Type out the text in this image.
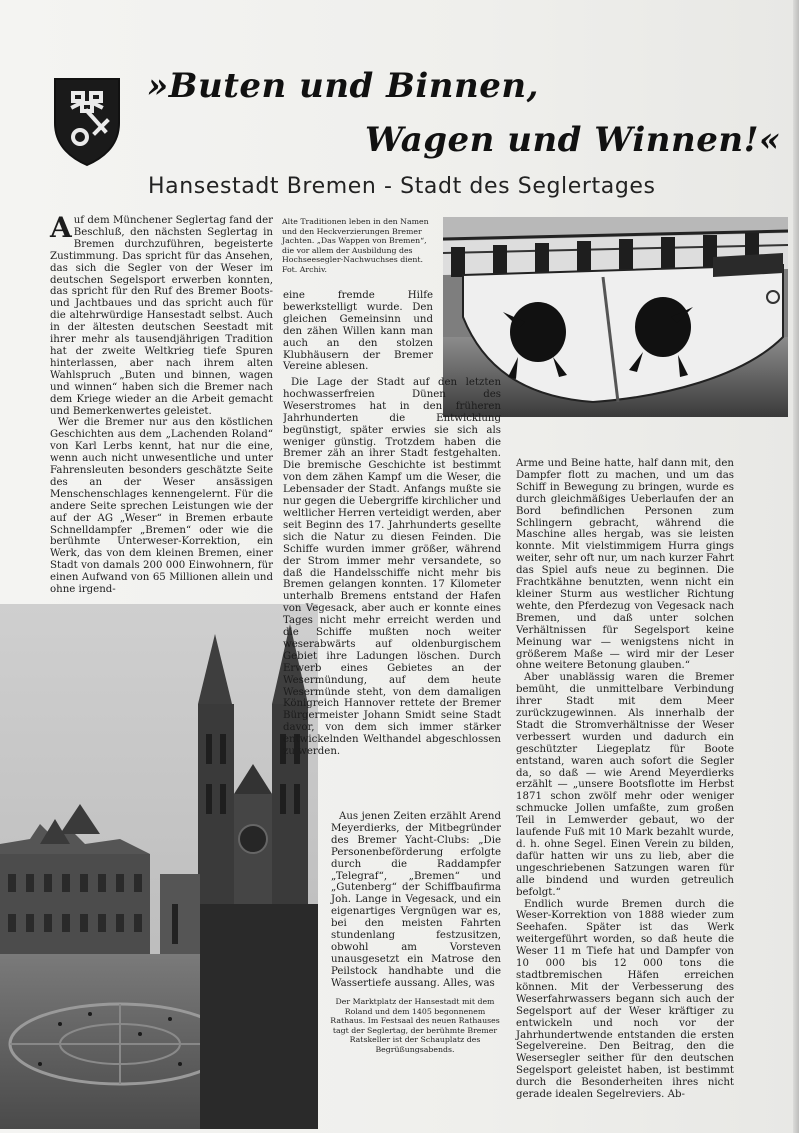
»Buten und Binnen,
Wagen und Winnen!«
Hansestadt Bremen - Stadt des Seglertages
Alte Traditionen leben in den Namen und den Heckverzierungen Bremer Jachten. „Das Wappen von Bremen“, die vor allem der Ausbildung des Hochseesegler-Nachwuchses dient. Fot. Archiv.

Auf dem Münchener Seglertag fand der Beschluß, den nächsten Seglertag in Bremen durchzuführen, begeisterte Zustimmung. Das spricht für das Ansehen, das sich die Segler von der Weser im deutschen Segelsport erwerben konnten, das spricht für den Ruf des Bremer Boots- und Jachtbaues und das spricht auch für die altehrwürdige Hansestadt selbst. Auch in der ältesten deutschen Seestadt mit ihrer mehr als tausendjährigen Tradition hat der zweite Weltkrieg tiefe Spuren hinterlassen, aber nach ihrem alten Wahlspruch „Buten und binnen, wagen und winnen“ haben sich die Bremer nach dem Kriege wieder an die Arbeit gemacht und Bemerkenwertes geleistet.

Wer die Bremer nur aus den köstlichen Geschichten aus dem „Lachenden Roland“ von Karl Lerbs kennt, hat nur die eine, wenn auch nicht unwesentliche und unter Fahrensleuten besonders geschätzte Seite des an der Weser ansässigen Menschenschlages kennengelernt. Für die andere Seite sprechen Leistungen wie der auf der AG „Weser“ in Bremen erbaute Schnelldampfer „Bremen“ oder wie die berühmte Unterweser-Korrektion, ein Werk, das von dem kleinen Bremen, einer Stadt von damals 200 000 Einwohnern, für einen Aufwand von 65 Millionen allein und ohne irgend-

eine fremde Hilfe bewerkstelligt wurde. Den gleichen Gemeinsinn und den zähen Willen kann man auch an den stolzen Klubhäusern der Bremer Vereine ablesen.

Die Lage der Stadt auf den letzten hochwasserfreien Dünen des Weserstromes hat in den früheren Jahrhunderten die Entwicklung begünstigt, später erwies sie sich als weniger günstig. Trotzdem haben die Bremer zäh an ihrer Stadt festgehalten. Die bremische Geschichte ist bestimmt von dem zähen Kampf um die Weser, die Lebensader der Stadt. Anfangs mußte sie nur gegen die Uebergriffe kirchlicher und weltlicher Herren verteidigt werden, aber seit Beginn des 17. Jahrhunderts gesellte sich die Natur zu diesen Feinden. Die Schiffe wurden immer größer, während der Strom immer mehr versandete, so daß die Handelsschiffe nicht mehr bis Bremen gelangen konnten. 17 Kilometer unterhalb Bremens entstand der Hafen von Vegesack, aber auch er konnte eines Tages nicht mehr erreicht werden und die Schiffe mußten noch weiter weserabwärts auf oldenburgischem Gebiet ihre Ladungen löschen. Durch Erwerb eines Gebietes an der Wesermündung, auf dem heute Wesermünde steht, von dem damaligen Königreich Hannover rettete der Bremer Bürgermeister Johann Smidt seine Stadt davor, von dem sich immer stärker entwickelnden Welthandel abgeschlossen zu werden.

Aus jenen Zeiten erzählt Arend Meyerdierks, der Mitbegründer des Bremer Yacht-Clubs: „Die Personenbeförderung erfolgte durch die Raddampfer „Telegraf“, „Bremen“ und „Gutenberg“ der Schiffbaufirma Joh. Lange in Vegesack, und ein eigenartiges Vergnügen war es, bei den meisten Fahrten stundenlang festzusitzen, obwohl am Vorsteven unausgesetzt ein Matrose den Peilstock handhabte und die Wassertiefe aussang. Alles, was

Der Marktplatz der Hansestadt mit dem Roland und dem 1405 begonnenem Rathaus. Im Festsaal des neuen Rathauses tagt der Seglertag, der berühmte Bremer Ratskeller ist der Schauplatz des Begrüßungsabends.

Arme und Beine hatte, half dann mit, den Dampfer flott zu machen, und um das Schiff in Bewegung zu bringen, wurde es durch gleichmäßiges Ueberlaufen der an Bord befindlichen Personen zum Schlingern gebracht, während die Maschine alles hergab, was sie leisten konnte. Mit vielstimmigem Hurra gings weiter, sehr oft nur, um nach kurzer Fahrt das Spiel aufs neue zu beginnen. Die Frachtkähne benutzten, wenn nicht ein kleiner Sturm aus westlicher Richtung wehte, den Pferdezug von Vegesack nach Bremen, und daß unter solchen Verhältnissen für Segelsport keine Meinung war — wenigstens nicht in größerem Maße — wird mir der Leser ohne weitere Betonung glauben.“

Aber unablässig waren die Bremer bemüht, die unmittelbare Verbindung ihrer Stadt mit dem Meer zurückzugewinnen. Als innerhalb der Stadt die Stromverhältnisse der Weser verbessert wurden und dadurch ein geschützter Liegeplatz für Boote entstand, waren auch sofort die Segler da, so daß — wie Arend Meyerdierks erzählt — „unsere Bootsflotte im Herbst 1871 schon zwölf mehr oder weniger schmucke Jollen umfaßte, zum großen Teil in Lemwerder gebaut, wo der laufende Fuß mit 10 Mark bezahlt wurde, d. h. ohne Segel. Einen Verein zu bilden, dafür hatten wir uns zu lieb, aber die ungeschriebenen Satzungen waren für alle bindend und wurden getreulich befolgt.“

Endlich wurde Bremen durch die Weser-Korrektion von 1888 wieder zum Seehafen. Später ist das Werk weitergeführt worden, so daß heute die Weser 11 m Tiefe hat und Dampfer von 10 000 bis 12 000 tons die stadtbremischen Häfen erreichen können. Mit der Verbesserung des Weserfahrwassers begann sich auch der Segelsport auf der Weser kräftiger zu entwickeln und noch vor der Jahrhundertwende entstanden die ersten Segelvereine. Den Beitrag, den die Wesersegler seither für den deutschen Segelsport geleistet haben, ist bestimmt durch die Besonderheiten ihres nicht gerade idealen Segelreviers. Ab-
